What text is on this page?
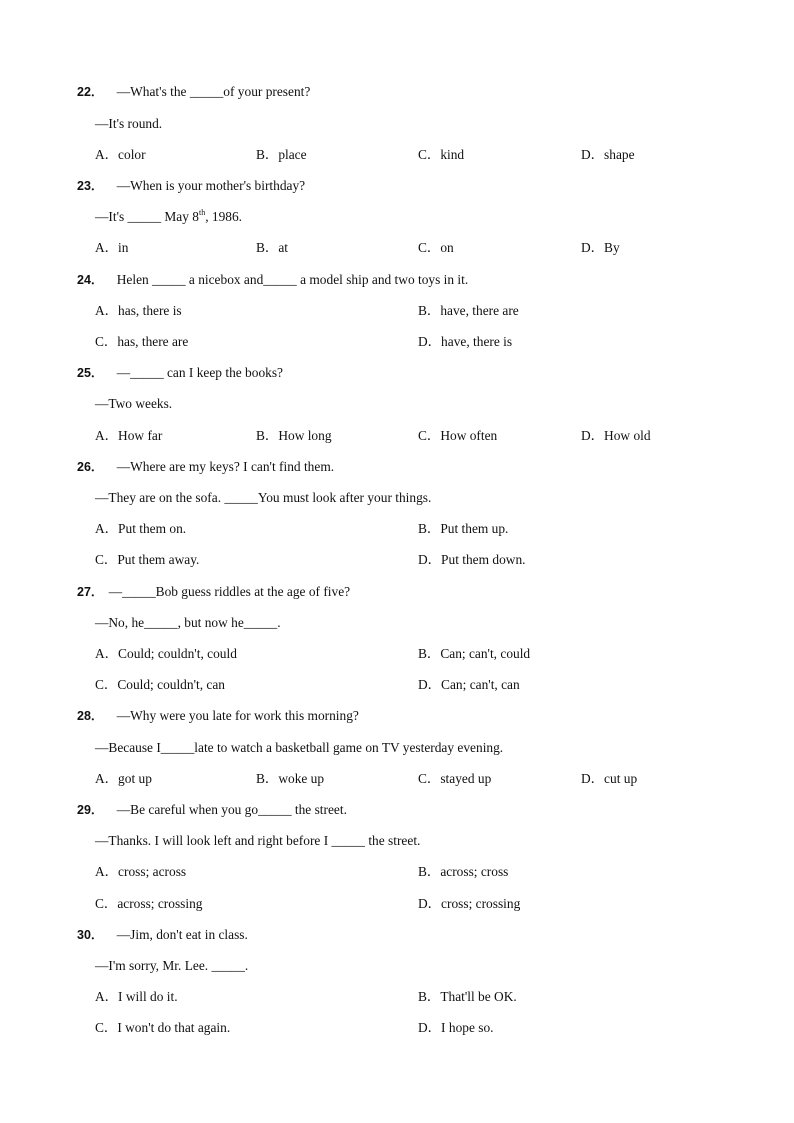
22． —What's the _____of your present?
—It's round.
A．color	B．place	C．kind	D．shape
23． —When is your mother's birthday?
—It's _____ May 8th, 1986.
A．in	B．at	C．on	D．By
24． Helen _____ a nicebox and_____ a model ship and two toys in it.
A．has, there is	B．have, there are
C．has, there are	D．have, there is
25． —_____ can I keep the books?
—Two weeks.
A．How far	B．How long	C．How often	D．How old
26． —Where are my keys? I can't find them.
—They are on the sofa. _____You must look after your things.
A．Put them on.	B．Put them up.
C．Put them away.	D．Put them down.
27． —_____Bob guess riddles at the age of five?
—No, he_____, but now he_____.
A．Could; couldn't, could	B．Can; can't, could
C．Could; couldn't, can	D．Can; can't, can
28． —Why were you late for work this morning?
—Because I_____late to watch a basketball game on TV yesterday evening.
A．got up	B．woke up	C．stayed up	D．cut up
29． —Be careful when you go_____ the street.
—Thanks. I will look left and right before I _____ the street.
A．cross; across	B．across; cross
C．across; crossing	D．cross; crossing
30． —Jim, don't eat in class.
—I'm sorry, Mr. Lee. _____.
A．I will do it.	B．That'll be OK.
C．I won't do that again.	D．I hope so.
